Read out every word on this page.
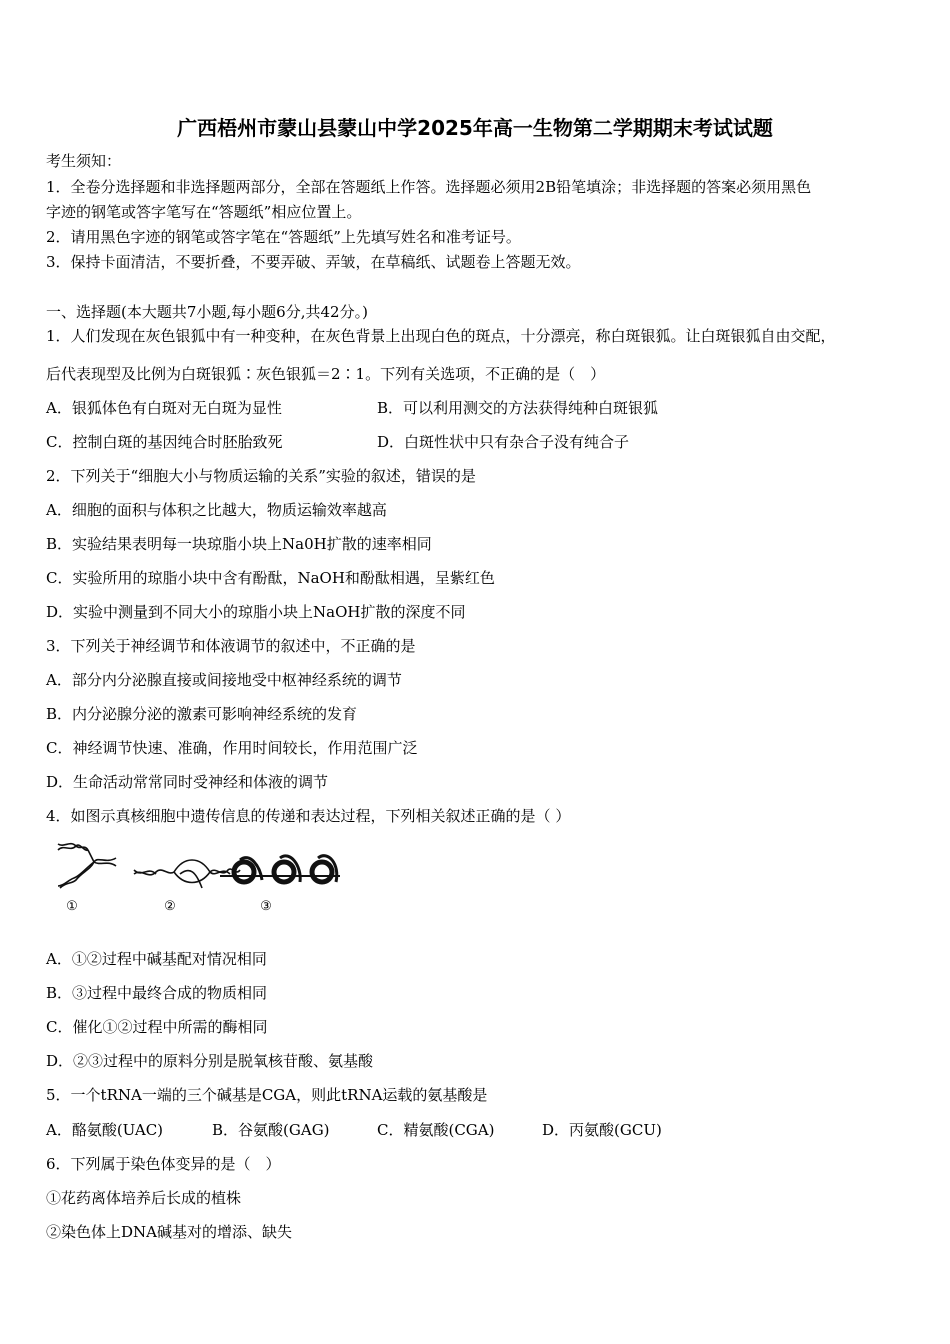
广西梧州市蒙山县蒙山中学2025年高一生物第二学期期末考试试题
考生须知：
1．全卷分选择题和非选择题两部分，全部在答题纸上作答。选择题必须用2B铅笔填涂；非选择题的答案必须用黑色
字迹的钢笔或答字笔写在“答题纸”相应位置上。
2．请用黑色字迹的钢笔或答字笔在“答题纸”上先填写姓名和准考证号。
3．保持卡面清洁，不要折叠，不要弄破、弄皱，在草稿纸、试题卷上答题无效。
一、选择题(本大题共7小题,每小题6分,共42分。)
1．人们发现在灰色银狐中有一种变种，在灰色背景上出现白色的斑点，十分漂亮，称白斑银狐。让白斑银狐自由交配，
后代表现型及比例为白斑银狐∶灰色银狐＝2∶1。下列有关选项，不正确的是（　）
A．银狐体色有白斑对无白斑为显性	B．可以利用测交的方法获得纯种白斑银狐
C．控制白斑的基因纯合时胚胎致死	D．白斑性状中只有杂合子没有纯合子
2．下列关于“细胞大小与物质运输的关系”实验的叙述，错误的是
A．细胞的面积与体积之比越大，物质运输效率越高
B．实验结果表明每一块琼脂小块上Na0H扩散的速率相同
C．实验所用的琼脂小块中含有酚酞，NaOH和酚酞相遇，呈紫红色
D．实验中测量到不同大小的琼脂小块上NaOH扩散的深度不同
3．下列关于神经调节和体液调节的叙述中，不正确的是
A．部分内分泌腺直接或间接地受中枢神经系统的调节
B．内分泌腺分泌的激素可影响神经系统的发育
C．神经调节快速、准确，作用时间较长，作用范围广泛
D．生命活动常常同时受神经和体液的调节
4．如图示真核细胞中遗传信息的传递和表达过程，下列相关叙述正确的是（ ）
①	②	③
A．①②过程中碱基配对情况相同
B．③过程中最终合成的物质相同
C．催化①②过程中所需的酶相同
D．②③过程中的原料分别是脱氧核苷酸、氨基酸
5．一个tRNA一端的三个碱基是CGA，则此tRNA运载的氨基酸是
A．酪氨酸(UAC)	B．谷氨酸(GAG)	C．精氨酸(CGA)	D．丙氨酸(GCU)
6．下列属于染色体变异的是（　）
①花药离体培养后长成的植株
②染色体上DNA碱基对的增添、缺失
